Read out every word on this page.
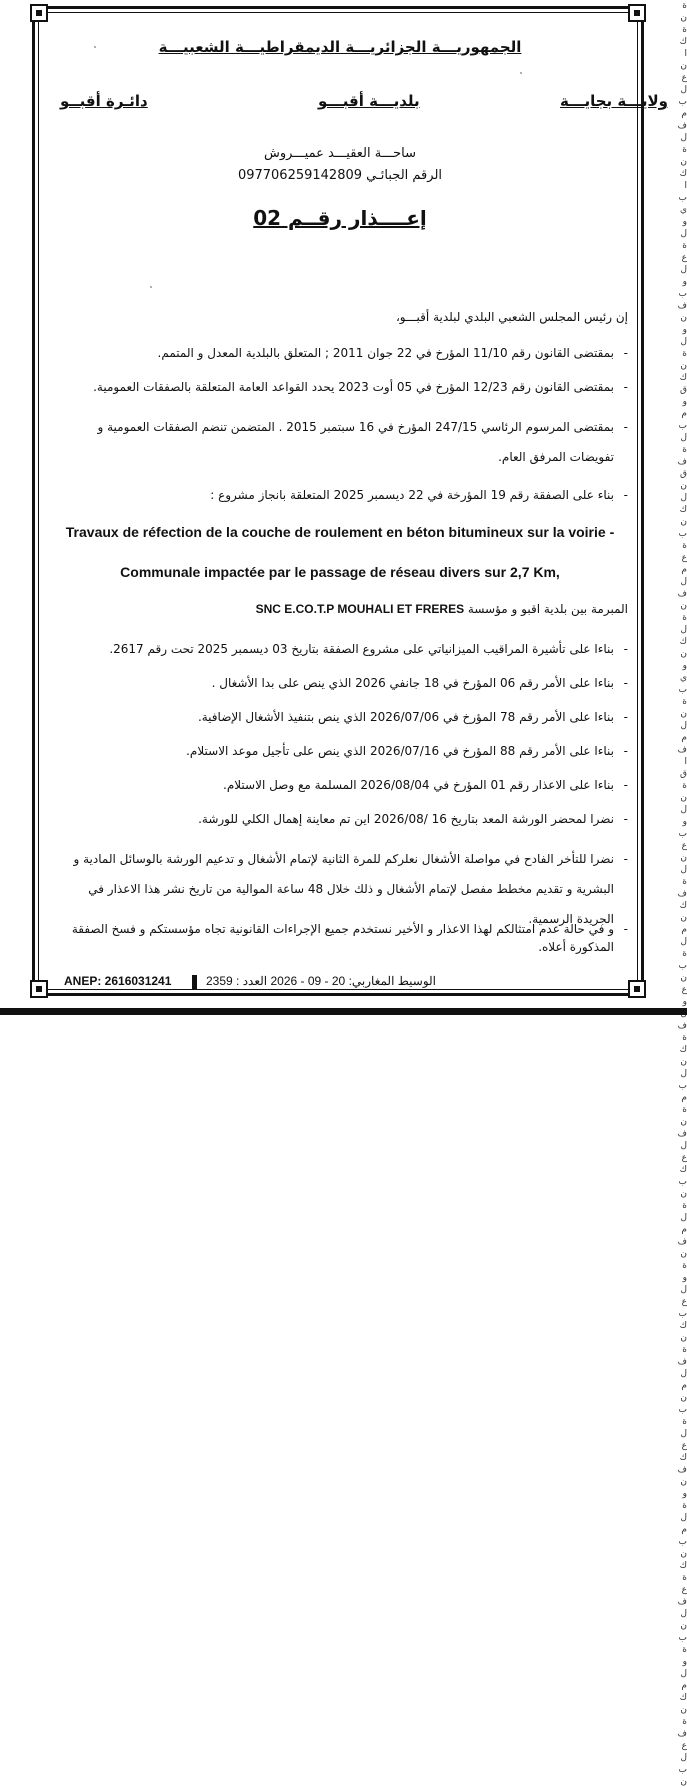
ة ن ة ك ا ن ع ل ب م ف ل ة ن ك ا ب ي و ل ة ع ل و ب ف ن و ل ة ن ك ق و م ب ل ة ف ق ن ل ك ن ب ة ع م ل ف ن ة ل ك ن و ي ب ة ن ل م ف ا ق ة ن ل و ب ع ن ل ة ف ك ن م ل ة ب ن ع و ف ة ك ن ل ب م ة ن ف ل ع ك ب ن ة ل م ف ن ة و ل ع ب ك ن ة ف ل م ن ب ة ل ع ك ف ن و ة ل م ب ن ك ة ع ف ل ن ب ة و ل م ك ن ة ف ع ل ب ن
الجمهوريـــة الجزائريـــة الديمقراطيـــة الشعبيـــة
ولايـــة بجايـــة
بلديـــة أقبـــو
دائـرة أقبــو
ساحـــة العقيـــد عميـــروش
الرقم الجبائـي 097706259142809
إعــــذار رقــم 02
إن رئيس المجلس الشعبي البلدي لبلدية أقبـــو،
- بمقتضى القانون رقم 11/10 المؤرخ في 22 جوان 2011 ; المتعلق بالبلدية المعدل و المتمم.
- بمقتضى القانون رقم 12/23 المؤرخ في 05 أوت 2023 يحدد القواعد العامة المتعلقة بالصفقات العمومية.
- بمقتضى المرسوم الرئاسي 247/15 المؤرخ في 16 سبتمبر 2015 . المتضمن تنضم الصفقات العمومية و تفويضات المرفق العام.
- بناء على الصفقة رقم 19 المؤرخة في 22 ديسمبر 2025 المتعلقة بانجاز مشروع :
Travaux de réfection de la couche de roulement en béton bitumineux sur la voirie -
Communale impactée par le passage de réseau divers sur 2,7 Km,
المبرمة بين بلدية اقبو و مؤسسة SNC E.CO.T.P MOUHALI ET FRERES
- بناءا على تأشيرة المراقيب الميزانياتي على مشروع الصفقة بتاريخ 03 ديسمبر 2025 تحت رقم 2617.
- بناءا على الأمر رقم 06 المؤرخ في 18 جانفي 2026 الذي ينص على بدا الأشغال .
- بناءا على الأمر رقم 78 المؤرخ في 2026/07/06 الذي ينص بتنفيذ الأشغال الإضافية.
- بناءا على الأمر رقم 88 المؤرخ في 2026/07/16 الذي ينص على تأجيل موعد الاستلام.
- بناءا على الاعذار رقم 01 المؤرخ في 2026/08/04 المسلمة مع وصل الاستلام.
- نضرا لمحضر الورشة المعد بتاريخ 16 /2026/08 اين تم معاينة إهمال الكلي للورشة.
- نضرا للتأخر الفادح في مواصلة الأشغال نعلركم للمرة الثانية لإتمام الأشغال و تدعيم الورشة بالوسائل المادية و البشرية و تقديم مخطط مفصل لإتمام الأشغال و ذلك خلال 48 ساعة الموالية من تاريخ نشر هذا الاعذار في الجريدة الرسمية.
- و في حالة عدم امتثالكم لهذا الاعذار و الأخير نستخدم جميع الإجراءات القانونية تجاه مؤسستكم و فسخ الصفقة المذكورة أعلاه.
ANEP: 2616031241	الوسيط المغاربي: 20 - 09 - 2026 العدد : 2359
